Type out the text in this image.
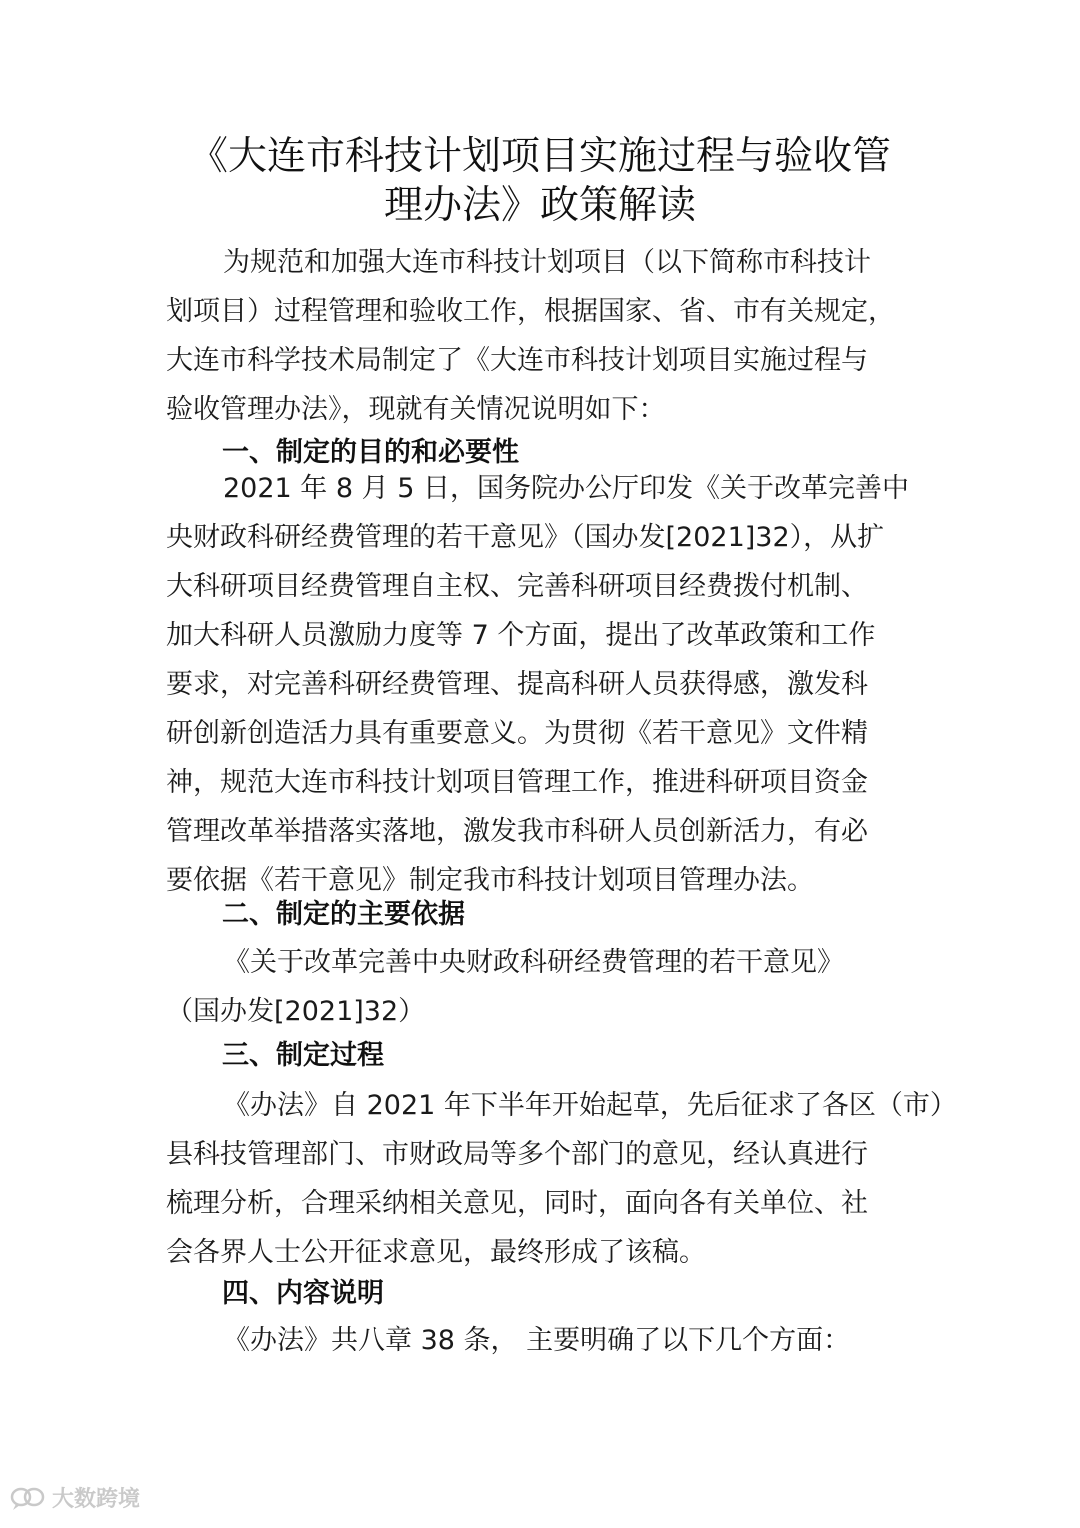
《大连市科技计划项目实施过程与验收管
理办法》政策解读

为规范和加强大连市科技计划项目（以下简称市科技计
划项目）过程管理和验收工作，根据国家、省、市有关规定，
大连市科学技术局制定了《大连市科技计划项目实施过程与
验收管理办法》，现就有关情况说明如下：

一、制定的目的和必要性

2021 年 8 月 5 日，国务院办公厅印发《关于改革完善中
央财政科研经费管理的若干意见》（国办发[2021]32），从扩
大科研项目经费管理自主权、完善科研项目经费拨付机制、
加大科研人员激励力度等 7 个方面，提出了改革政策和工作
要求，对完善科研经费管理、提高科研人员获得感，激发科
研创新创造活力具有重要意义。为贯彻《若干意见》文件精
神，规范大连市科技计划项目管理工作，推进科研项目资金
管理改革举措落实落地，激发我市科研人员创新活力，有必
要依据《若干意见》制定我市科技计划项目管理办法。

二、制定的主要依据

《关于改革完善中央财政科研经费管理的若干意见》
（国办发[2021]32）

三、制定过程

《办法》自 2021 年下半年开始起草，先后征求了各区（市）
县科技管理部门、市财政局等多个部门的意见，经认真进行
梳理分析，合理采纳相关意见，同时，面向各有关单位、社
会各界人士公开征求意见，最终形成了该稿。

四、内容说明

《办法》共八章 38 条， 主要明确了以下几个方面：

大数跨境
